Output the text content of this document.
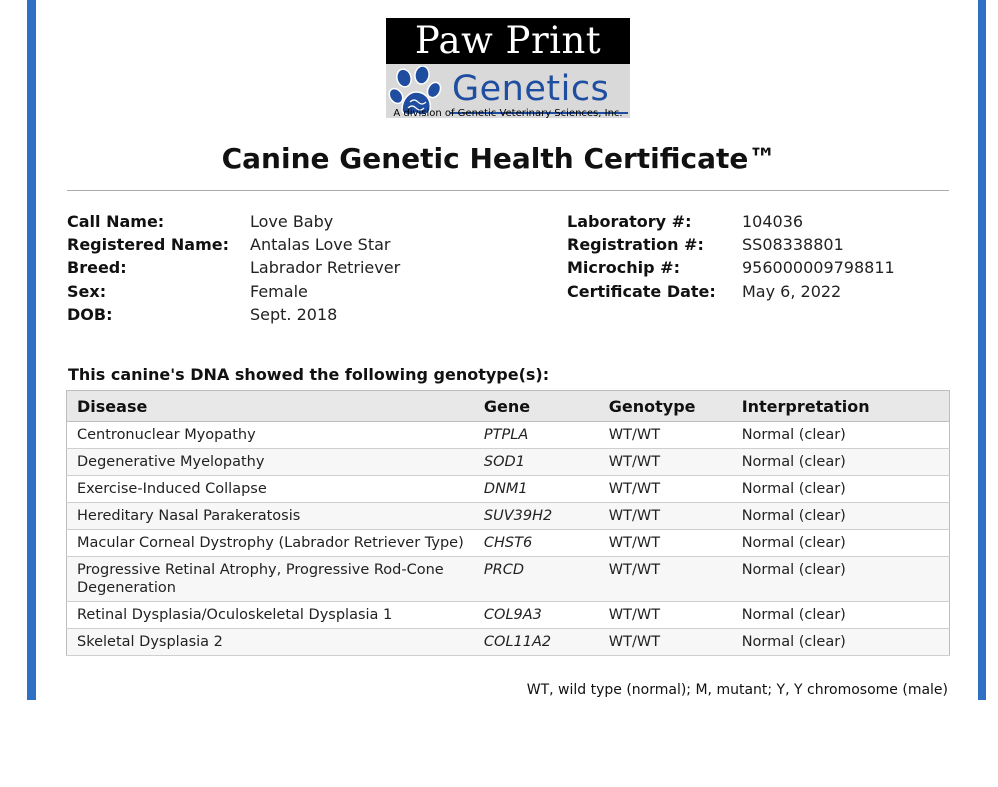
Paw Print
Genetics
A division of Genetic Veterinary Sciences, Inc.
Canine Genetic Health Certificate™
Call Name:	Love Baby
Registered Name: Antalas Love Star
Breed:	Labrador Retriever
Sex:	Female
DOB:	Sept. 2018
Laboratory #:	104036
Registration #: SS08338801
Microchip #:	956000009798811
Certificate Date: May 6, 2022
This canine's DNA showed the following genotype(s):
Disease	Gene	Genotype	Interpretation
Centronuclear Myopathy	PTPLA	WT/WT	Normal (clear)
Degenerative Myelopathy	SOD1	WT/WT	Normal (clear)
Exercise-Induced Collapse	DNM1	WT/WT	Normal (clear)
Hereditary Nasal Parakeratosis	SUV39H2	WT/WT	Normal (clear)
Macular Corneal Dystrophy (Labrador Retriever Type)	CHST6	WT/WT	Normal (clear)
Progressive Retinal Atrophy, Progressive Rod-Cone Degeneration	PRCD	WT/WT	Normal (clear)
Retinal Dysplasia/Oculoskeletal Dysplasia 1	COL9A3	WT/WT	Normal (clear)
Skeletal Dysplasia 2	COL11A2	WT/WT	Normal (clear)
WT, wild type (normal); M, mutant; Y, Y chromosome (male)
